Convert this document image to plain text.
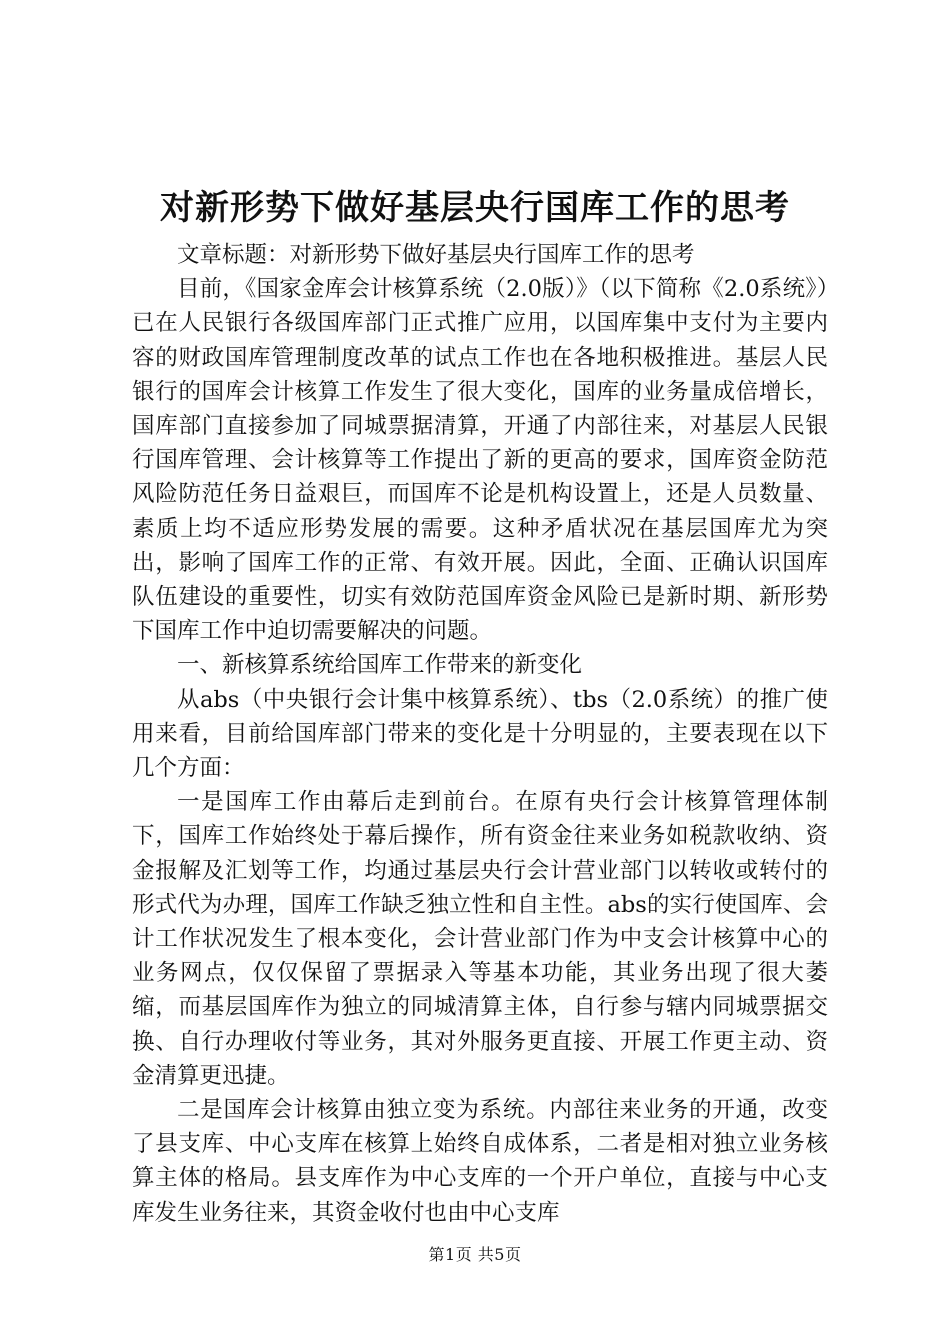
对新形势下做好基层央行国库工作的思考

文章标题：对新形势下做好基层央行国库工作的思考

目前，《国家金库会计核算系统（2.0版）》（以下简称《2.0系统》）已在人民银行各级国库部门正式推广应用，以国库集中支付为主要内容的财政国库管理制度改革的试点工作也在各地积极推进。基层人民银行的国库会计核算工作发生了很大变化，国库的业务量成倍增长，国库部门直接参加了同城票据清算，开通了内部往来，对基层人民银行国库管理、会计核算等工作提出了新的更高的要求，国库资金防范风险防范任务日益艰巨，而国库不论是机构设置上，还是人员数量、素质上均不适应形势发展的需要。这种矛盾状况在基层国库尤为突出，影响了国库工作的正常、有效开展。因此，全面、正确认识国库队伍建设的重要性，切实有效防范国库资金风险已是新时期、新形势下国库工作中迫切需要解决的问题。

一、新核算系统给国库工作带来的新变化

从abs（中央银行会计集中核算系统）、tbs（2.0系统）的推广使用来看，目前给国库部门带来的变化是十分明显的，主要表现在以下几个方面：

一是国库工作由幕后走到前台。在原有央行会计核算管理体制下，国库工作始终处于幕后操作，所有资金往来业务如税款收纳、资金报解及汇划等工作，均通过基层央行会计营业部门以转收或转付的形式代为办理，国库工作缺乏独立性和自主性。abs的实行使国库、会计工作状况发生了根本变化，会计营业部门作为中支会计核算中心的业务网点，仅仅保留了票据录入等基本功能，其业务出现了很大萎缩，而基层国库作为独立的同城清算主体，自行参与辖内同城票据交换、自行办理收付等业务，其对外服务更直接、开展工作更主动、资金清算更迅捷。

二是国库会计核算由独立变为系统。内部往来业务的开通，改变了县支库、中心支库在核算上始终自成体系，二者是相对独立业务核算主体的格局。县支库作为中心支库的一个开户单位，直接与中心支库发生业务往来，其资金收付也由中心支库

第1页 共5页
